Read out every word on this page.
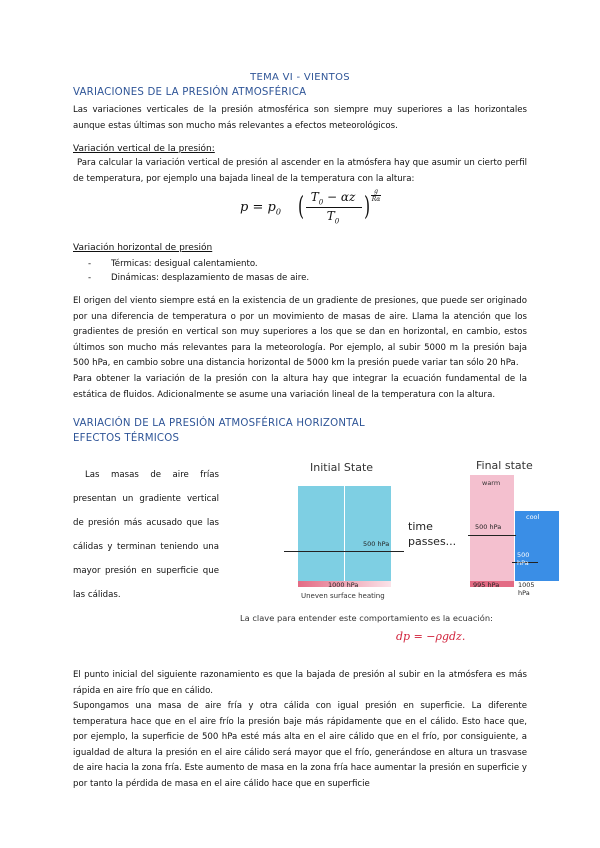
TEMA VI - VIENTOS
VARIACIONES DE LA PRESIÓN ATMOSFÉRICA
Las variaciones verticales de la presión atmosférica son siempre muy superiores a las horizontales aunque estas últimas son mucho más relevantes a efectos meteorológicos.
Variación vertical de la presión:
Para calcular la variación vertical de presión al ascender en la atmósfera hay que asumir un cierto perfil de temperatura, por ejemplo una bajada lineal de la temperatura con la altura:
$p = p_0$ ( $T_0 - \alpha z$
$T_0$ )
g
Rα
Variación horizontal de presión
- Térmicas: desigual calentamiento.
- Dinámicas: desplazamiento de masas de aire.
El origen del viento siempre está en la existencia de un gradiente de presiones, que puede ser originado por una diferencia de temperatura o por un movimiento de masas de aire. Llama la atención que los gradientes de presión en vertical son muy superiores a los que se dan en horizontal, en cambio, estos últimos son mucho más relevantes para la meteorología. Por ejemplo, al subir 5000 m la presión baja 500 hPa, en cambio sobre una distancia horizontal de 5000 km la presión puede variar tan sólo 20 hPa.
Para obtener la variación de la presión con la altura hay que integrar la ecuación fundamental de la estática de fluidos. Adicionalmente se asume una variación lineal de la temperatura con la altura.
VARIACIÓN DE LA PRESIÓN ATMOSFÉRICA HORIZONTAL
EFECTOS TÉRMICOS
Las masas de aire frías
presentan un gradiente vertical
de presión más acusado que las
cálidas y terminan teniendo una
mayor presión en superficie que
las cálidas.
Initial State
500 hPa
1000 hPa
Uneven surface heating
time
passes...
Final state
warm
cool
500 hPa
500 hPa
995 hPa	1005 hPa
La clave para entender este comportamiento es la ecuación:
dp = −ρgdz.
El punto inicial del siguiente razonamiento es que la bajada de presión al subir en la atmósfera es más rápida en aire frío que en cálido.
Supongamos una masa de aire fría y otra cálida con igual presión en superficie. La diferente temperatura hace que en el aire frío la presión baje más rápidamente que en el cálido. Esto hace que, por ejemplo, la superficie de 500 hPa esté más alta en el aire cálido que en el frío, por consiguiente, a igualdad de altura la presión en el aire cálido será mayor que el frío, generándose en altura un trasvase de aire hacia la zona fría. Este aumento de masa en la zona fría hace aumentar la presión en superficie y por tanto la pérdida de masa en el aire cálido hace que en superficie
